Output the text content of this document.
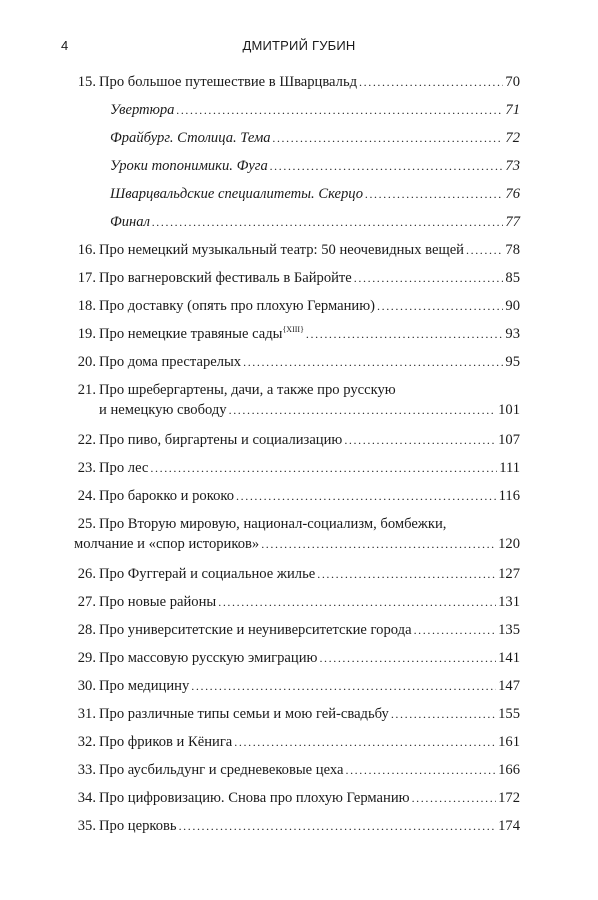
4	ДМИТРИЙ ГУБИН
15. Про большое путешествие в Шварцвальд .....	70
Увертюра .....	71
Фрайбург. Столица. Тема .....	72
Уроки топонимики. Фуга .....	73
Шварцвальдские специалитеты. Скерцо .....	76
Финал .....	77
16. Про немецкий музыкальный театр: 50 неочевидных вещей .....	78
17. Про вагнеровский фестиваль в Байройте .....	85
18. Про доставку (опять про плохую Германию) .....	90
19. Про немецкие травяные сады$^{\{XIII\}}$ .....	93
20. Про дома престарелых .....	95
21. Про шребергартены, дачи, а также про русскую
и немецкую свободу .....	101
22. Про пиво, биргартены и социализацию .....	107
23. Про лес .....	111
24. Про барокко и рококо .....	116
25. Про Вторую мировую, национал-социализм, бомбежки,
молчание и «спор историков» .....	120
26. Про Фуггерай и социальное жилье .....	127
27. Про новые районы .....	131
28. Про университетские и неуниверситетские города .....	135
29. Про массовую русскую эмиграцию .....	141
30. Про медицину .....	147
31. Про различные типы семьи и мою гей-свадьбу .....	155
32. Про фриков и Кёнига .....	161
33. Про аусбильдунг и средневековые цеха .....	166
34. Про цифровизацию. Снова про плохую Германию .....	172
35. Про церковь .....	174
